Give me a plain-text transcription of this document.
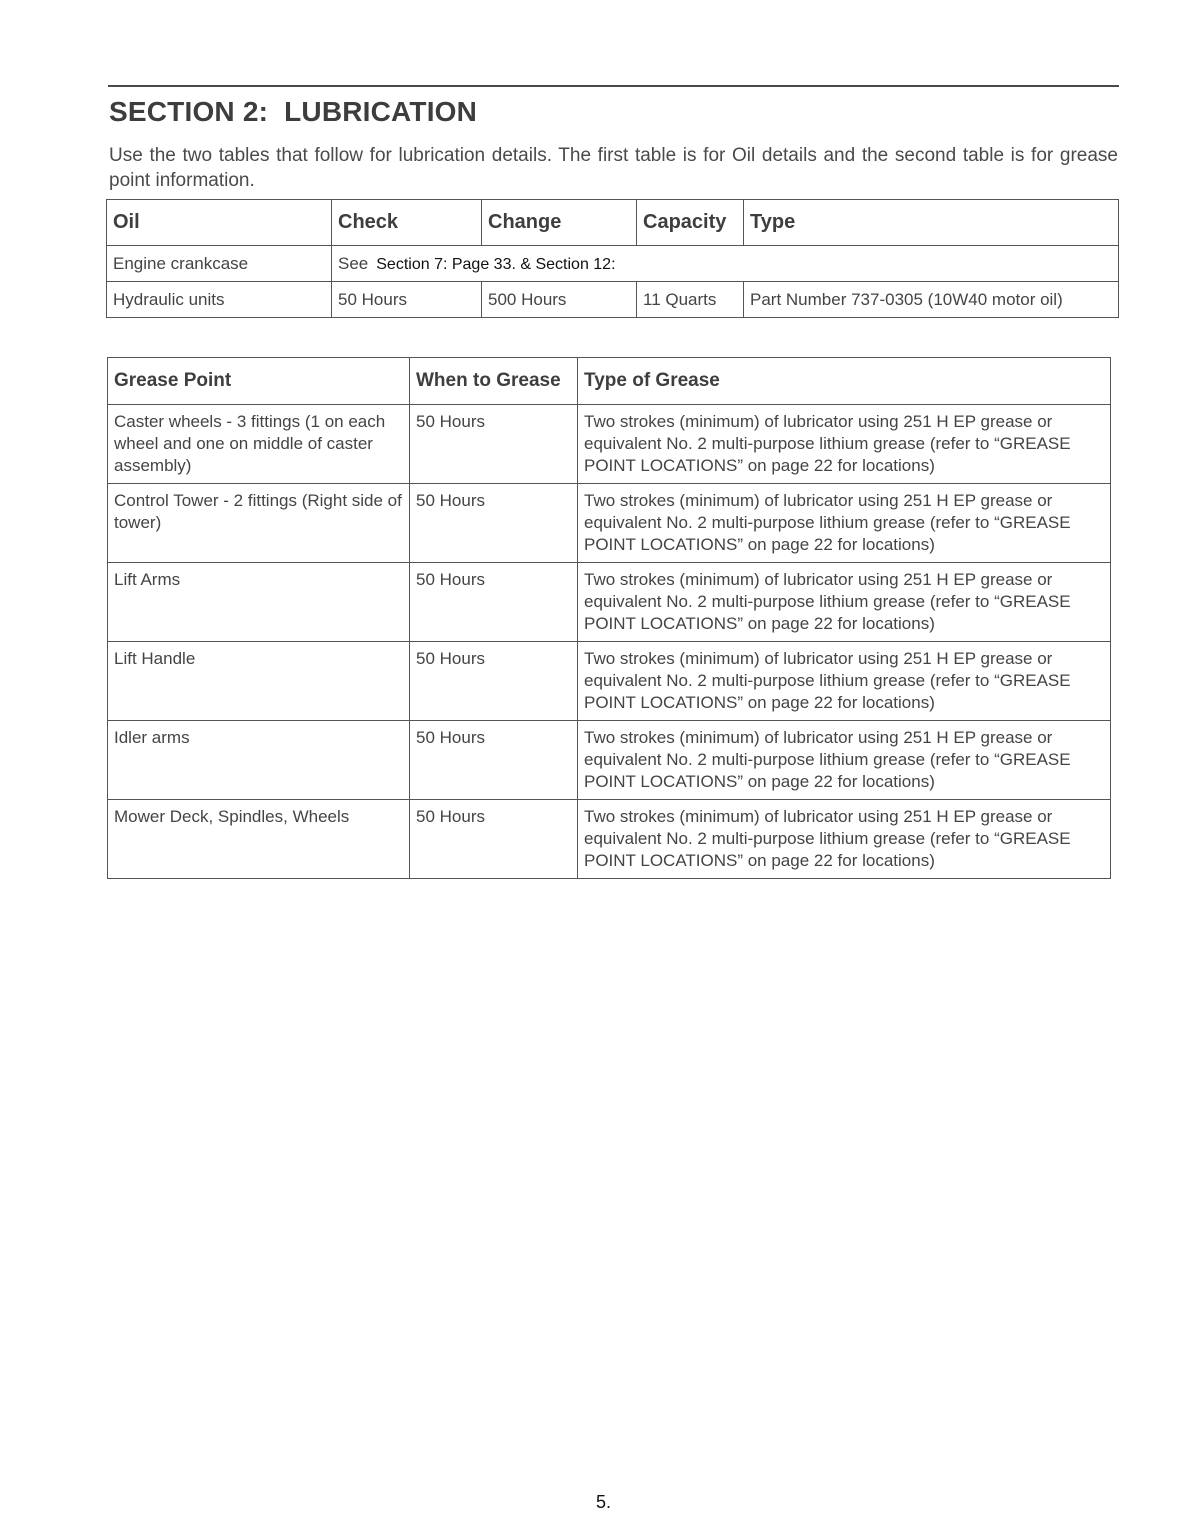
SECTION 2:  LUBRICATION

Use the two tables that follow for lubrication details. The first table is for Oil details and the second table is for grease point information.

Oil	Check	Change	Capacity	Type
Engine crankcase	See Section 7: Page 33. & Section 12:			
Hydraulic units	50 Hours	500 Hours	11 Quarts	Part Number 737-0305 (10W40 motor oil)
Grease Point	When to Grease	Type of Grease
Caster wheels - 3 fittings (1 on each wheel and one on middle of caster assembly)	50 Hours	Two strokes (minimum) of lubricator using 251 H EP grease or equivalent No. 2 multi-purpose lithium grease (refer to “GREASE POINT LOCATIONS” on page 22 for locations)
Control Tower - 2 fittings (Right side of tower)	50 Hours	Two strokes (minimum) of lubricator using 251 H EP grease or equivalent No. 2 multi-purpose lithium grease (refer to “GREASE POINT LOCATIONS” on page 22 for locations)
Lift Arms	50 Hours	Two strokes (minimum) of lubricator using 251 H EP grease or equivalent No. 2 multi-purpose lithium grease (refer to “GREASE POINT LOCATIONS” on page 22 for locations)
Lift Handle	50 Hours	Two strokes (minimum) of lubricator using 251 H EP grease or equivalent No. 2 multi-purpose lithium grease (refer to “GREASE POINT LOCATIONS” on page 22 for locations)
Idler arms	50 Hours	Two strokes (minimum) of lubricator using 251 H EP grease or equivalent No. 2 multi-purpose lithium grease (refer to “GREASE POINT LOCATIONS” on page 22 for locations)
Mower Deck, Spindles, Wheels	50 Hours	Two strokes (minimum) of lubricator using 251 H EP grease or equivalent No. 2 multi-purpose lithium grease (refer to “GREASE POINT LOCATIONS” on page 22 for locations)
5.
